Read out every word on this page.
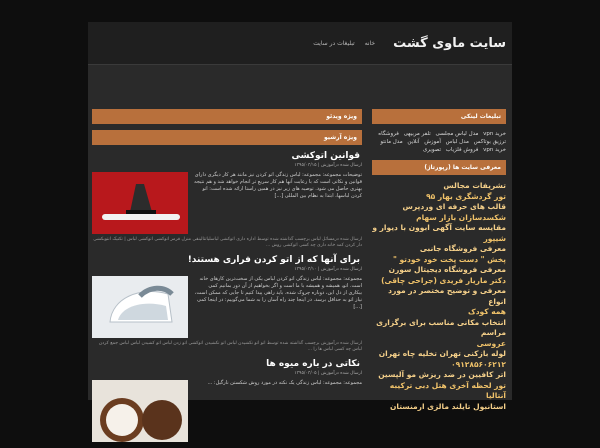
سایت ماوی گشت
خانه
تبلیغات در سایت
تبلیغات لینکی
خرید vpn مدل لباس مجلسی تلفر مربیهی فروشگاه ترزیق بوتاکس مدل لباس آموزش آنلاین مدل مانتو خرید vpn فروش فلزیاب تصویری
معرفی سایت ها (رپورتاژ)
تشریفات مجالس
تور گردشگری بهار ۹۵
قالب های حرفه ای وردپرس
شکسدسازان بازار سهام
مقایسه سایت آگهی ابوون با دیوار و
شیپور
معرفی فروشگاه جانبی
پخش " دست پخت خود خودتو "
معرفی فروشگاه دیجیتال سورن
دکتر ماریار فریدی (جراحی چاقی)
معرفی و توضیح مختصر در مورد انواع
همه کودک
انتخاب مکانی مناسب برای برگزاری مراسم
عروسی
لوله بازکنی تهران تخلیه چاه تهران
۰۹۱۲۸۵۶۰۶۲۱۲
اتر کافیین در ضد ریزش مو آلپسین
تور لحظه آخری هتل دبی ترکیبه آنتالیا
استانبول تایلند مالزی ارمنستان
ویژه ویدئو
ویژه آرشیو
قوانین اتوکشی
ارسال شده درآموزش | ۱۳۹۵/۰۳/۱۵
توضیحات مجموعه: مجموعه: لباس زندگی اتو کردن نیز مانند هر کار دیگری دارای قوانین و نکاتی است که با رعایت آنها هم کار سریع تر انجام خواهد شد و هم نتیجه بهتری حاصل می شود. توصیه های زیر نیز در همین راستا ارائه شده است: اتو کردن لباسها، ابتدا به نظام بین المللی [...]
ارسال شده درمسائل لباس برچسب گذاشته شده توسط اداره داری اتوکشی لباسلیاتتالینقی منزل قرمز اتوکشی اتوکشی لباس | تکنیک انتوبکشی دار کردن کمد خانه داری چه کسی اتوکشی روش ...
برای آنها که از اتو کردن فراری هستند!
ارسال شده درآموزش | ۱۳۹۵/۰۳/۱۰
مجموعه: مجموعه: لباس زندگی اتو کردن لباس یکی از سخت‌ترین کارهای خانه است. اتو، همیشه و همیشه با ما است و اگر بخواهیم از آن دور بمانیم کمی بیکاری از دل این، دوباره چروک شده. باید راهی پیدا کنیم تا جایی که ممکن است، نیاز اتو به حداقل برسد. در اینجا چند راه آسان را به شما می‌گوییم: در اینجا کمی [...]
ارسال شده درآموزش برچسب گذاشته شده توسط اتو اتو نکشیدن لباس اتو نکشیدن اتوکشی اتو زدن لباس اتو کشیدن لباس لباس جمع کردن لباس چه کسی لباس ها را ...
نکاتی در باره میوه ها
ارسال شده درآموزش | ۱۳۹۵/۰۳/۰۵
مجموعه: مجموعه: لباس زندگی یک نکته در مورد روش شکستن نارگیل: ...
